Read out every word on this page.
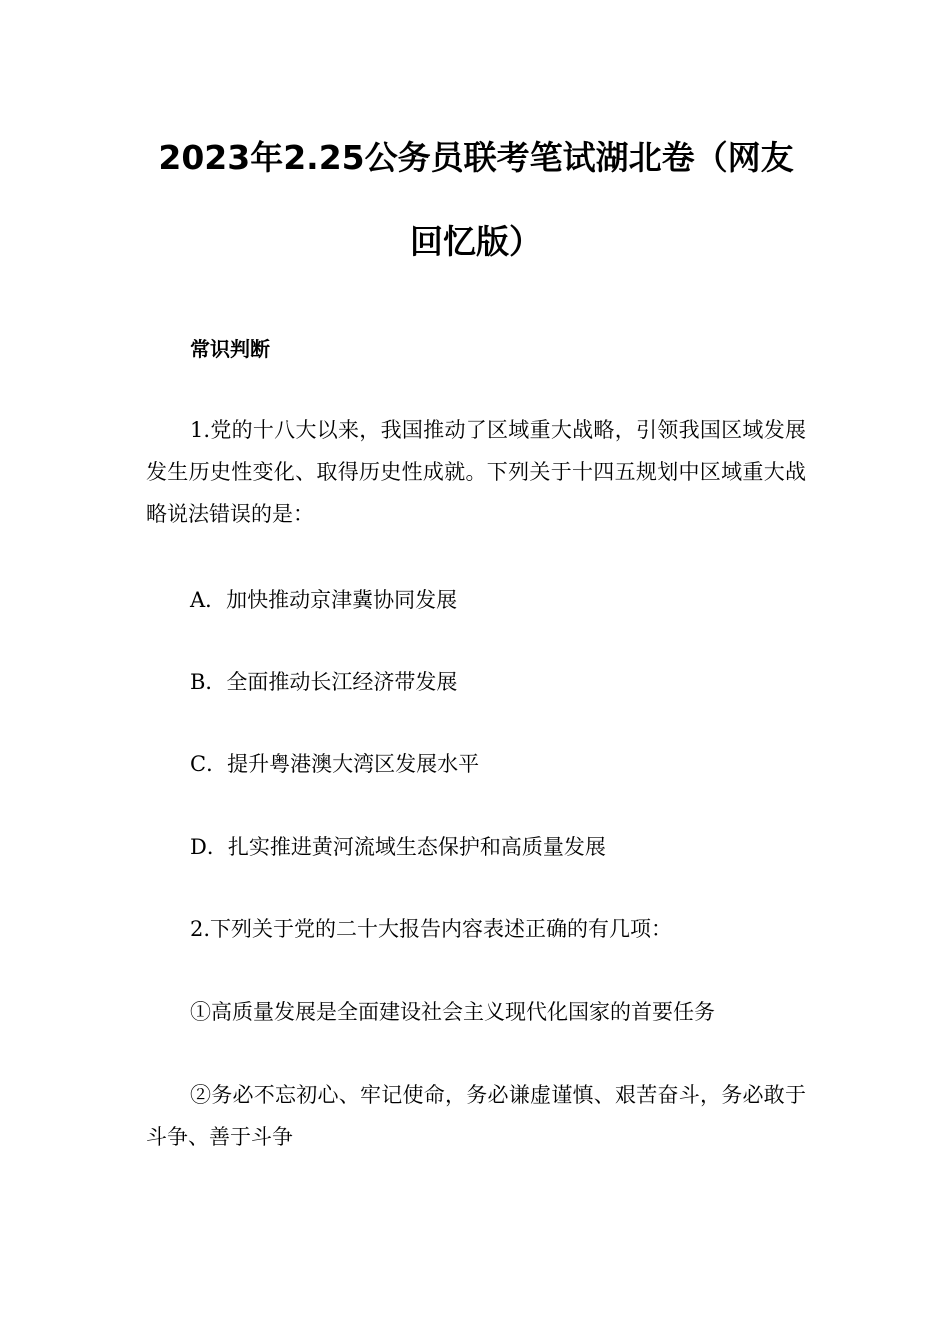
2023年2.25公务员联考笔试湖北卷（网友
回忆版）
常识判断
1.党的十八大以来，我国推动了区域重大战略，引领我国区域发展发生历史性变化、取得历史性成就。下列关于十四五规划中区域重大战略说法错误的是：
A．加快推动京津冀协同发展
B．全面推动长江经济带发展
C．提升粤港澳大湾区发展水平
D．扎实推进黄河流域生态保护和高质量发展
2.下列关于党的二十大报告内容表述正确的有几项：
①高质量发展是全面建设社会主义现代化国家的首要任务
②务必不忘初心、牢记使命，务必谦虚谨慎、艰苦奋斗，务必敢于斗争、善于斗争
